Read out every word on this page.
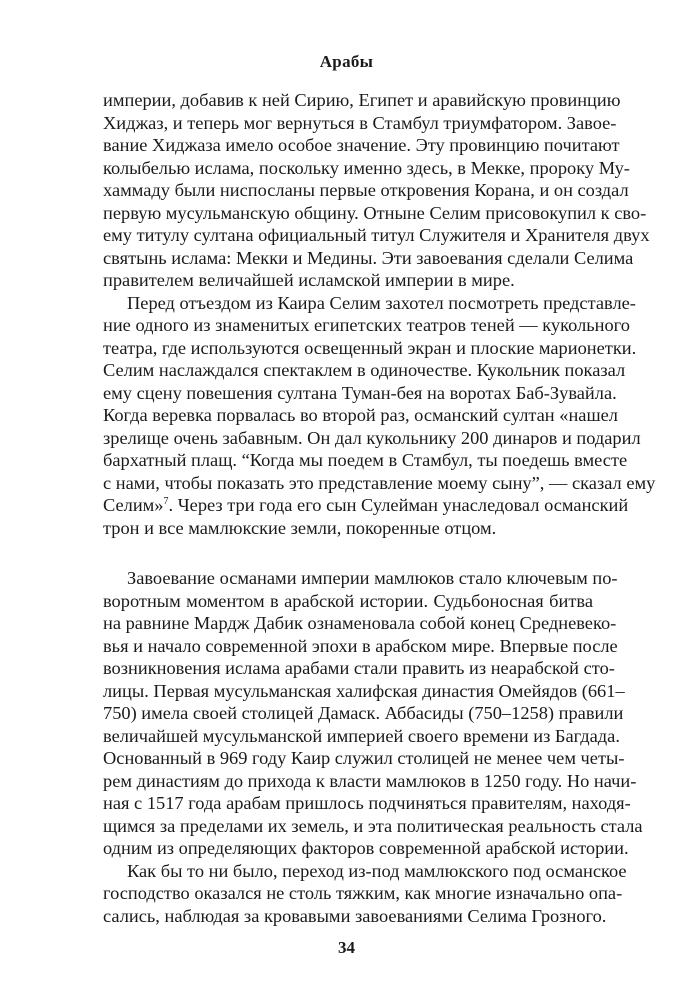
Арабы
империи, добавив к ней Сирию, Египет и аравийскую провинцию
Хиджаз, и теперь мог вернуться в Стамбул триумфатором. Завое-
вание Хиджаза имело особое значение. Эту провинцию почитают
колыбелью ислама, поскольку именно здесь, в Мекке, пророку Му-
хаммаду были ниспосланы первые откровения Корана, и он создал
первую мусульманскую общину. Отныне Селим присовокупил к сво-
ему титулу султана официальный титул Служителя и Хранителя двух
святынь ислама: Мекки и Медины. Эти завоевания сделали Селима
правителем величайшей исламской империи в мире.
Перед отъездом из Каира Селим захотел посмотреть представле-
ние одного из знаменитых египетских театров теней — кукольного
театра, где используются освещенный экран и плоские марионетки.
Селим наслаждался спектаклем в одиночестве. Кукольник показал
ему сцену повешения султана Туман-бея на воротах Баб-Зувайла.
Когда веревка порвалась во второй раз, османский султан «нашел
зрелище очень забавным. Он дал кукольнику 200 динаров и подарил
бархатный плащ. “Когда мы поедем в Стамбул, ты поедешь вместе
с нами, чтобы показать это представление моему сыну”, — сказал ему
Селим»$^7$. Через три года его сын Сулейман унаследовал османский
трон и все мамлюкские земли, покоренные отцом.
Завоевание османами империи мамлюков стало ключевым по-
воротным моментом в арабской истории. Судьбоносная битва
на равнине Мардж Дабик ознаменовала собой конец Средневеко-
вья и начало современной эпохи в арабском мире. Впервые после
возникновения ислама арабами стали править из неарабской сто-
лицы. Первая мусульманская халифская династия Омейядов (661–
750) имела своей столицей Дамаск. Аббасиды (750–1258) правили
величайшей мусульманской империей своего времени из Багдада.
Основанный в 969 году Каир служил столицей не менее чем четы-
рем династиям до прихода к власти мамлюков в 1250 году. Но начи-
ная с 1517 года арабам пришлось подчиняться правителям, находя-
щимся за пределами их земель, и эта политическая реальность стала
одним из определяющих факторов современной арабской истории.
Как бы то ни было, переход из-под мамлюкского под османское
господство оказался не столь тяжким, как многие изначально опа-
сались, наблюдая за кровавыми завоеваниями Селима Грозного.
34
